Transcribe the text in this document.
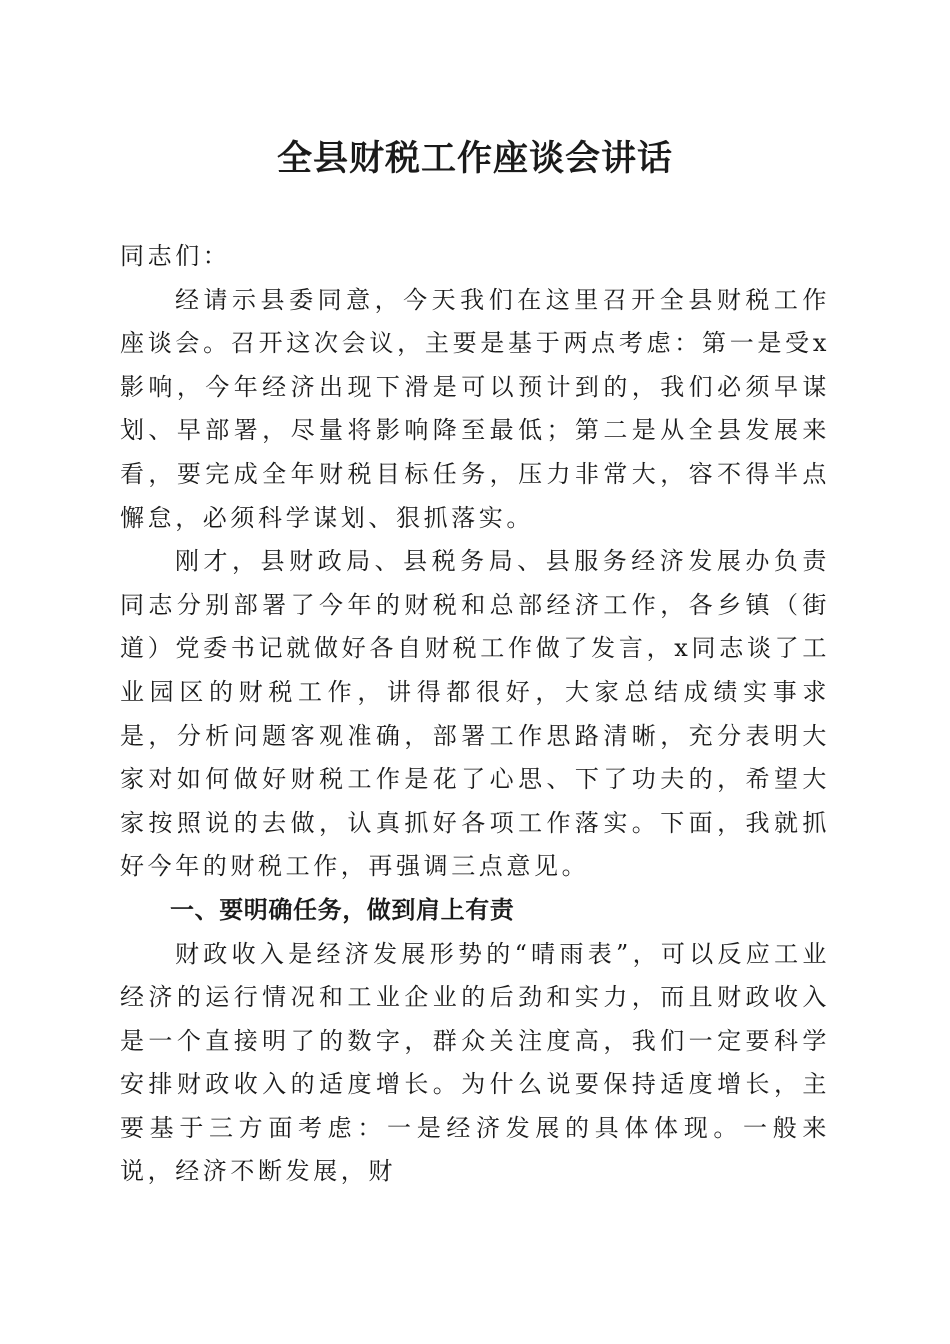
全县财税工作座谈会讲话

同志们：

经请示县委同意，今天我们在这里召开全县财税工作座谈会。召开这次会议，主要是基于两点考虑：第一是受x影响，今年经济出现下滑是可以预计到的，我们必须早谋划、早部署，尽量将影响降至最低；第二是从全县发展来看，要完成全年财税目标任务，压力非常大，容不得半点懈怠，必须科学谋划、狠抓落实。

刚才，县财政局、县税务局、县服务经济发展办负责同志分别部署了今年的财税和总部经济工作，各乡镇（街道）党委书记就做好各自财税工作做了发言，x同志谈了工业园区的财税工作，讲得都很好，大家总结成绩实事求是，分析问题客观准确，部署工作思路清晰，充分表明大家对如何做好财税工作是花了心思、下了功夫的，希望大家按照说的去做，认真抓好各项工作落实。下面，我就抓好今年的财税工作，再强调三点意见。

一、要明确任务，做到肩上有责

财政收入是经济发展形势的“晴雨表”，可以反应工业经济的运行情况和工业企业的后劲和实力，而且财政收入是一个直接明了的数字，群众关注度高，我们一定要科学安排财政收入的适度增长。为什么说要保持适度增长，主要基于三方面考虑：一是经济发展的具体体现。一般来说，经济不断发展，财
